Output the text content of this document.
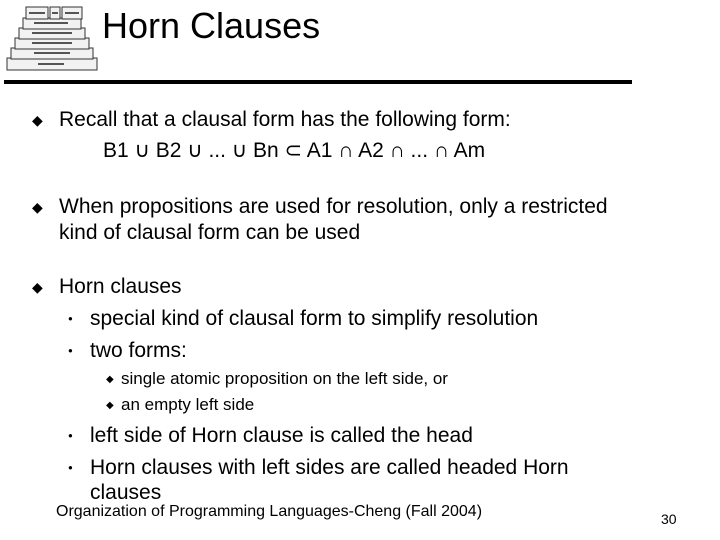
Horn Clauses
◆ Recall that a clausal form has the following form:
B1 ∪ B2 ∪ ... ∪ Bn ⊂ A1 ∩ A2 ∩ ... ∩ Am
◆ When propositions are used for resolution, only a restricted
kind of clausal form can be used
◆ Horn clauses
● special kind of clausal form to simplify resolution
● two forms:
◆ single atomic proposition on the left side, or
◆ an empty left side
● left side of Horn clause is called the head
● Horn clauses with left sides are called headed Horn
clauses
Organization of Programming Languages-Cheng (Fall 2004)	30
